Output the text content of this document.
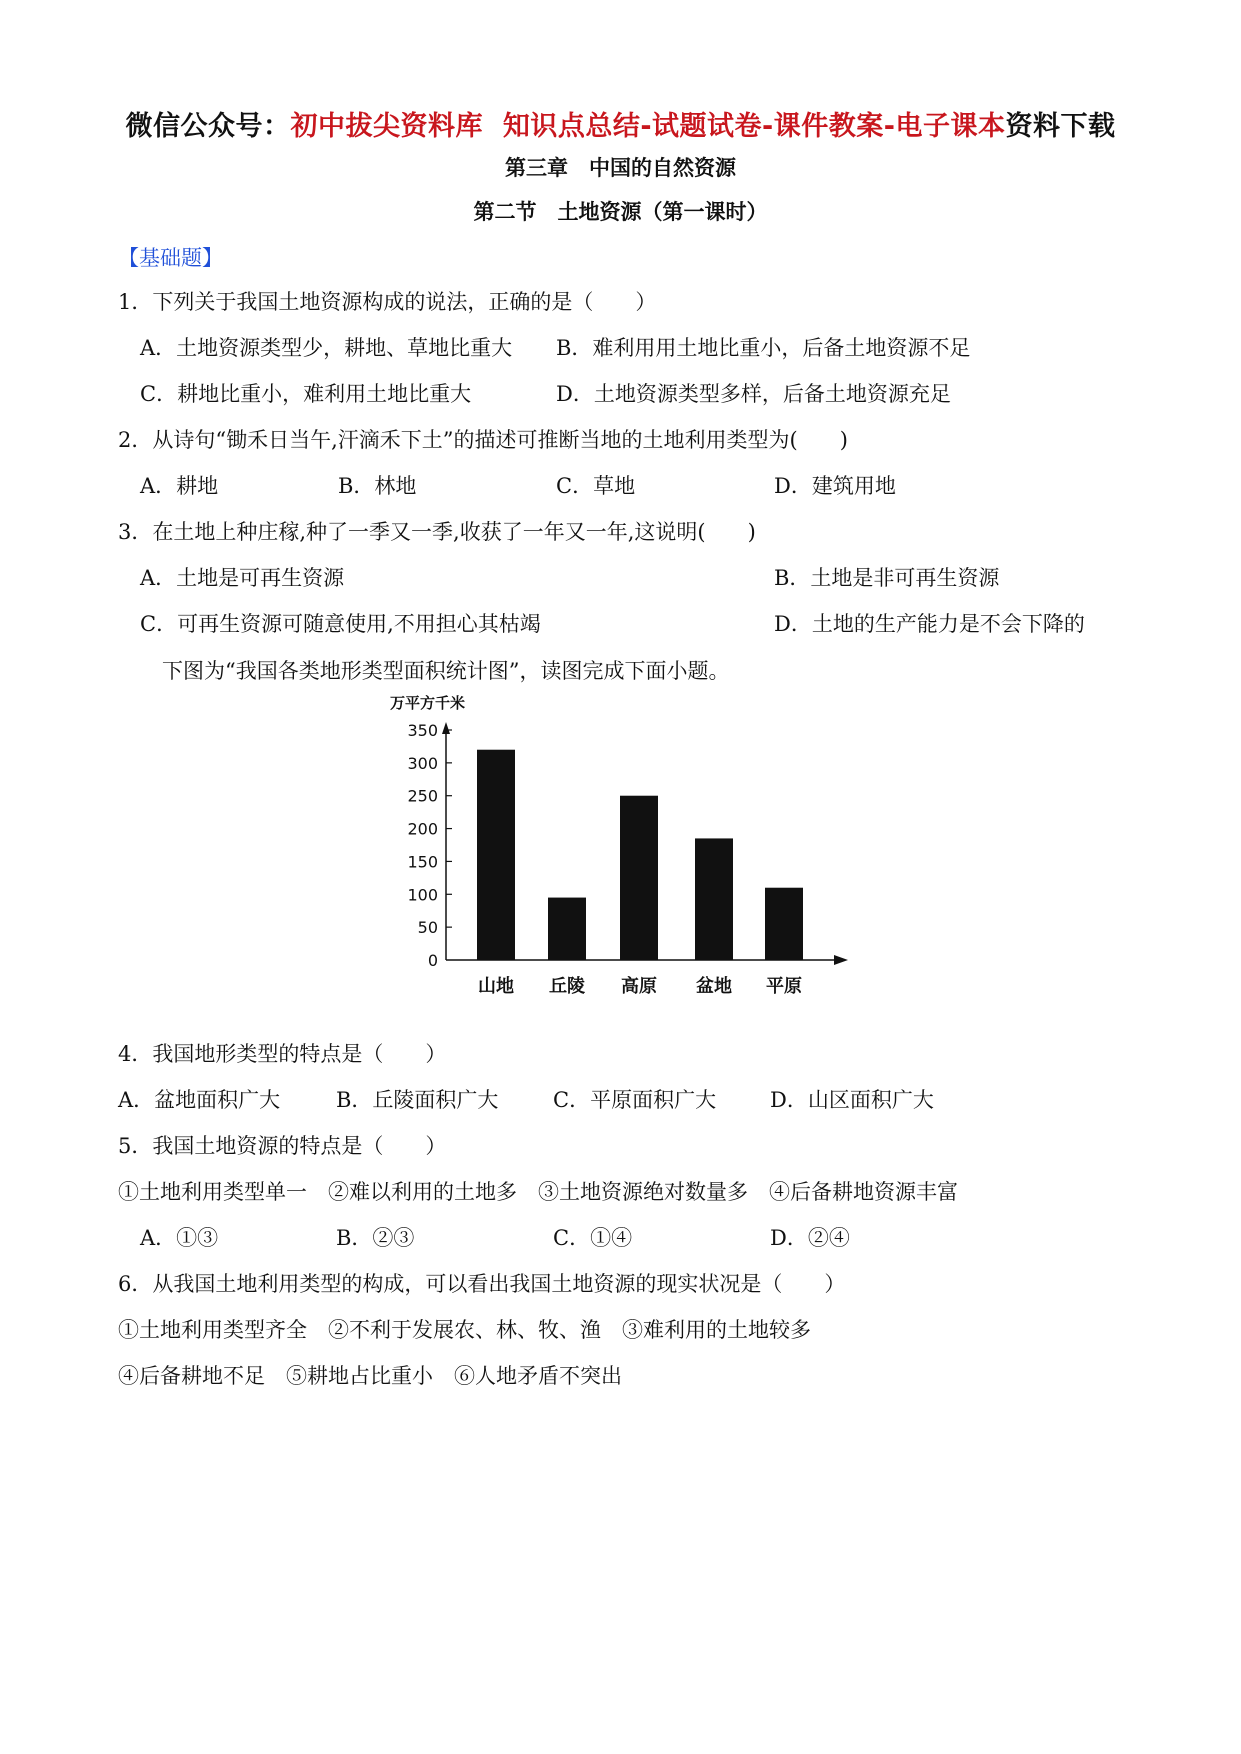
微信公众号：初中拔尖资料库 知识点总结-试题试卷-课件教案-电子课本资料下载
第三章　中国的自然资源
第二节　土地资源（第一课时）
【基础题】
1．下列关于我国土地资源构成的说法，正确的是（　　）
A．土地资源类型少，耕地、草地比重大 B．难利用用土地比重小，后备土地资源不足
C．耕地比重小，难利用土地比重大	D．土地资源类型多样，后备土地资源充足
2．从诗句“锄禾日当午,汗滴禾下土”的描述可推断当地的土地利用类型为(　　)
A．耕地	B．林地	C．草地	D．建筑用地
3．在土地上种庄稼,种了一季又一季,收获了一年又一年,这说明(　　)
A．土地是可再生资源	B．土地是非可再生资源
C．可再生资源可随意使用,不用担心其枯竭	D．土地的生产能力是不会下降的
下图为“我国各类地形类型面积统计图”，读图完成下面小题。
万平方千米
0
50
100
150
200
250
300
350
山地 丘陵 高原 盆地 平原
4．我国地形类型的特点是（　　）
A．盆地面积广大	B．丘陵面积广大	C．平原面积广大	D．山区面积广大
5．我国土地资源的特点是（　　）
①土地利用类型单一　②难以利用的土地多　③土地资源绝对数量多　④后备耕地资源丰富
A．①③	B．②③	C．①④	D．②④
6．从我国土地利用类型的构成，可以看出我国土地资源的现实状况是（　　）
①土地利用类型齐全　②不利于发展农、林、牧、渔　③难利用的土地较多
④后备耕地不足　⑤耕地占比重小　⑥人地矛盾不突出
